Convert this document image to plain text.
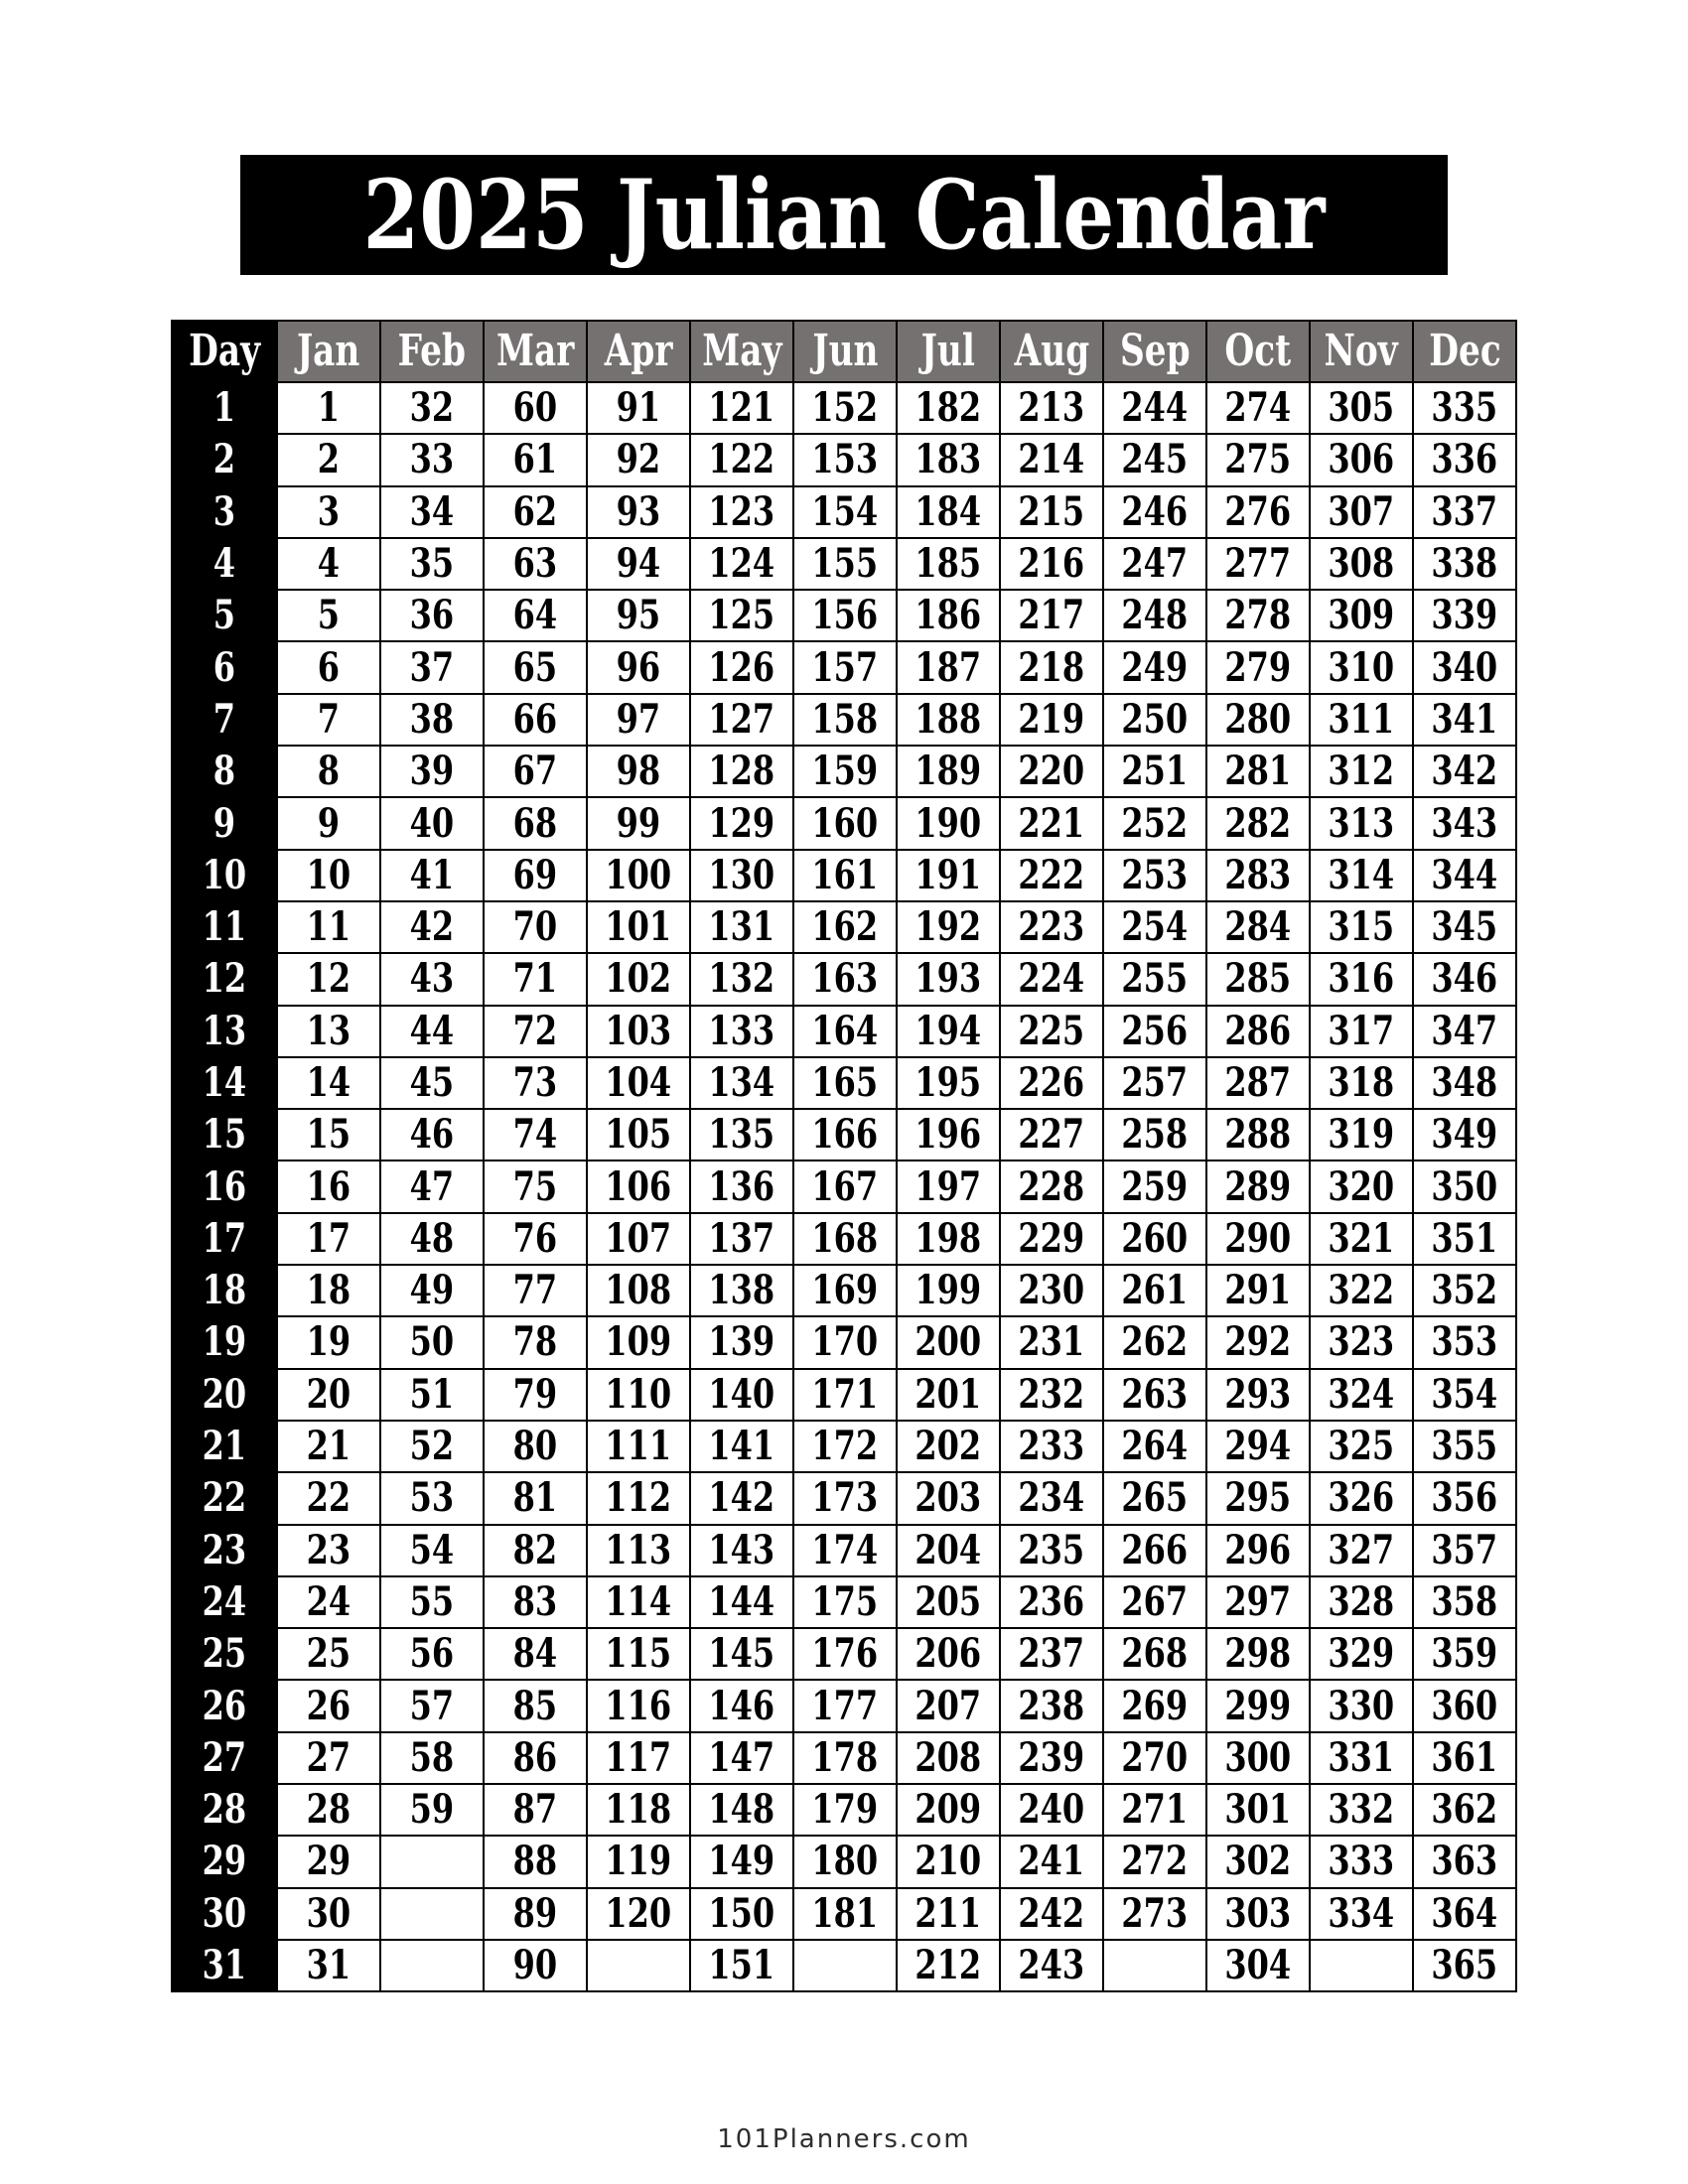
2025 Julian Calendar
Day	Jan	Feb	Mar	Apr	May	Jun	Jul	Aug	Sep	Oct	Nov	Dec
1	1	32	60	91	121	152	182	213	244	274	305	335
2	2	33	61	92	122	153	183	214	245	275	306	336
3	3	34	62	93	123	154	184	215	246	276	307	337
4	4	35	63	94	124	155	185	216	247	277	308	338
5	5	36	64	95	125	156	186	217	248	278	309	339
6	6	37	65	96	126	157	187	218	249	279	310	340
7	7	38	66	97	127	158	188	219	250	280	311	341
8	8	39	67	98	128	159	189	220	251	281	312	342
9	9	40	68	99	129	160	190	221	252	282	313	343
10	10	41	69	100	130	161	191	222	253	283	314	344
11	11	42	70	101	131	162	192	223	254	284	315	345
12	12	43	71	102	132	163	193	224	255	285	316	346
13	13	44	72	103	133	164	194	225	256	286	317	347
14	14	45	73	104	134	165	195	226	257	287	318	348
15	15	46	74	105	135	166	196	227	258	288	319	349
16	16	47	75	106	136	167	197	228	259	289	320	350
17	17	48	76	107	137	168	198	229	260	290	321	351
18	18	49	77	108	138	169	199	230	261	291	322	352
19	19	50	78	109	139	170	200	231	262	292	323	353
20	20	51	79	110	140	171	201	232	263	293	324	354
21	21	52	80	111	141	172	202	233	264	294	325	355
22	22	53	81	112	142	173	203	234	265	295	326	356
23	23	54	82	113	143	174	204	235	266	296	327	357
24	24	55	83	114	144	175	205	236	267	297	328	358
25	25	56	84	115	145	176	206	237	268	298	329	359
26	26	57	85	116	146	177	207	238	269	299	330	360
27	27	58	86	117	147	178	208	239	270	300	331	361
28	28	59	87	118	148	179	209	240	271	301	332	362
29	29		88	119	149	180	210	241	272	302	333	363
30	30		89	120	150	181	211	242	273	303	334	364
31	31		90		151		212	243		304		365
101Planners.com
